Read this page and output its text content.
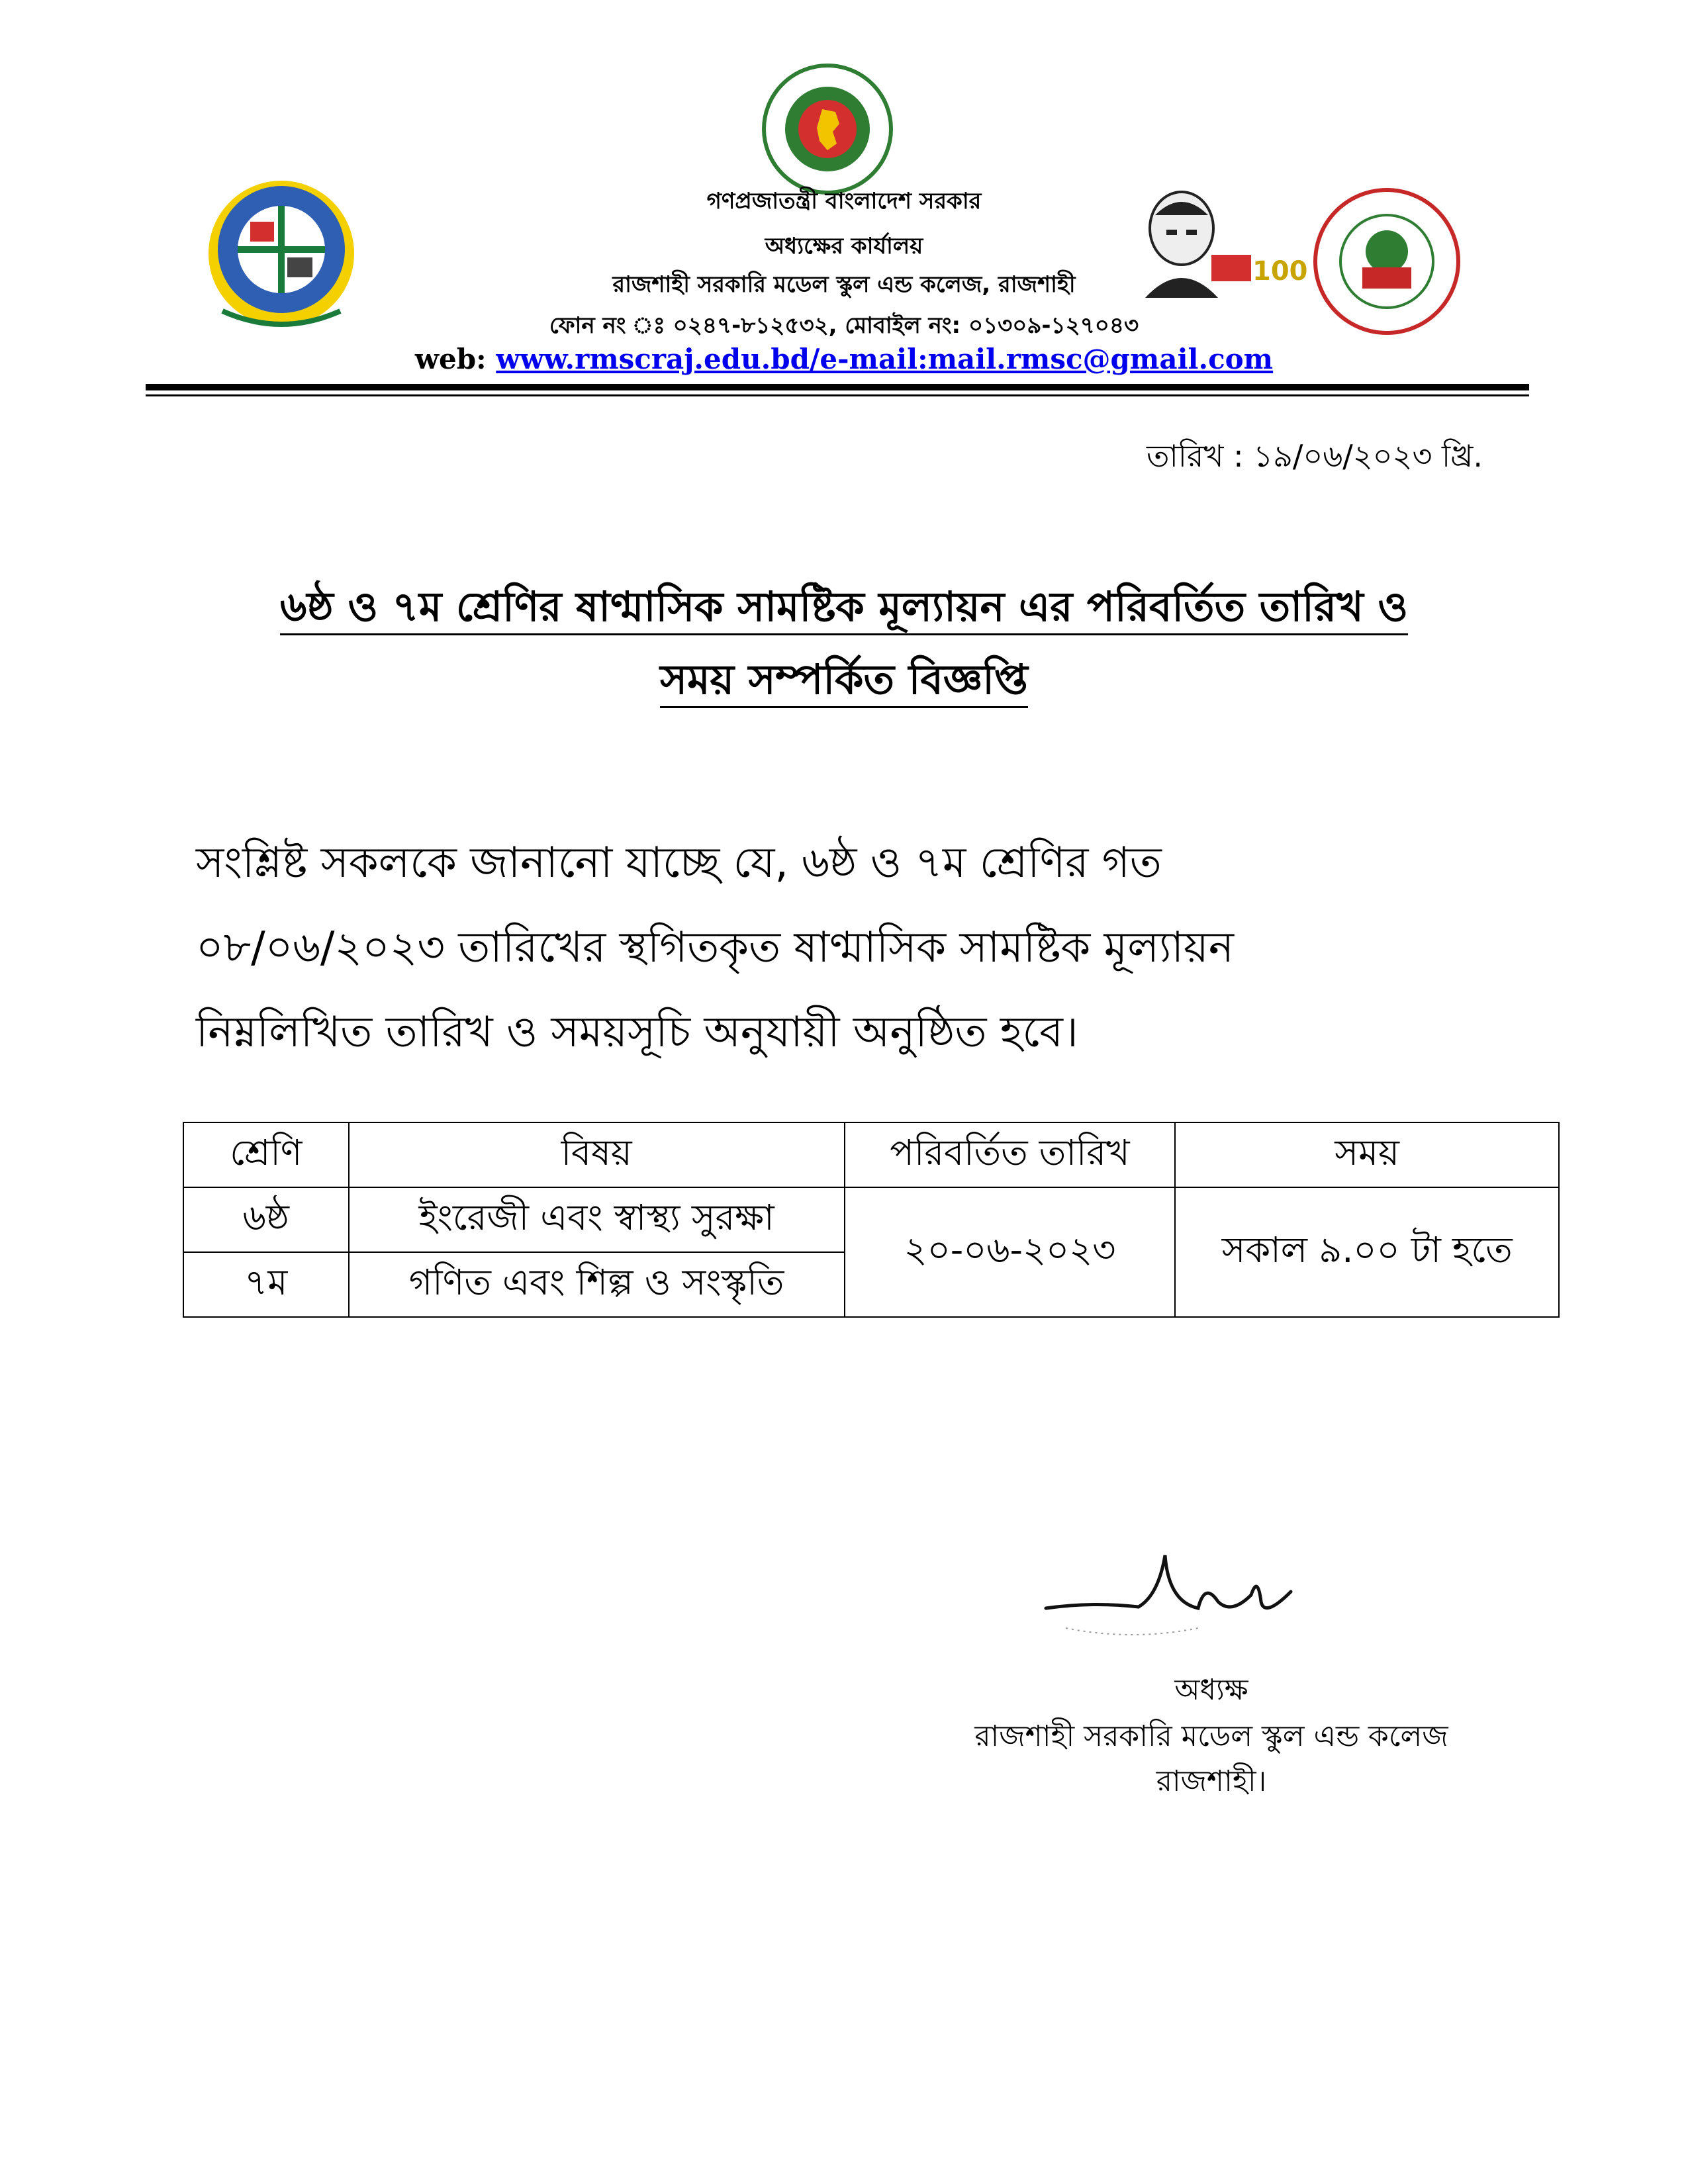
100
গণপ্রজাতন্ত্রী বাংলাদেশ সরকার
অধ্যক্ষের কার্যালয়
রাজশাহী সরকারি মডেল স্কুল এন্ড কলেজ, রাজশাহী
ফোন নং ঃ ০২৪৭-৮১২৫৩২, মোবাইল নং: ০১৩০৯-১২৭০৪৩
web: www.rmscraj.edu.bd/e-mail:mail.rmsc@gmail.com
তারিখ : ১৯/০৬/২০২৩ খ্রি.
৬ষ্ঠ ও ৭ম শ্রেণির ষাণ্মাসিক সামষ্টিক মূল্যায়ন এর পরিবর্তিত তারিখ ও
সময় সম্পর্কিত বিজ্ঞপ্তি
সংশ্লিষ্ট সকলকে জানানো যাচ্ছে যে, ৬ষ্ঠ ও ৭ম শ্রেণির গত
০৮/০৬/২০২৩ তারিখের স্থগিতকৃত ষাণ্মাসিক সামষ্টিক মূল্যায়ন
নিম্নলিখিত তারিখ ও সময়সূচি অনুযায়ী অনুষ্ঠিত হবে।
শ্রেণি	বিষয়	পরিবর্তিত তারিখ	সময়
৬ষ্ঠ	ইংরেজী এবং স্বাস্থ্য সুরক্ষা	২০-০৬-২০২৩	সকাল ৯.০০ টা হতে
৭ম	গণিত এবং শিল্প ও সংস্কৃতি		
অধ্যক্ষ
রাজশাহী সরকারি মডেল স্কুল এন্ড কলেজ
রাজশাহী।
